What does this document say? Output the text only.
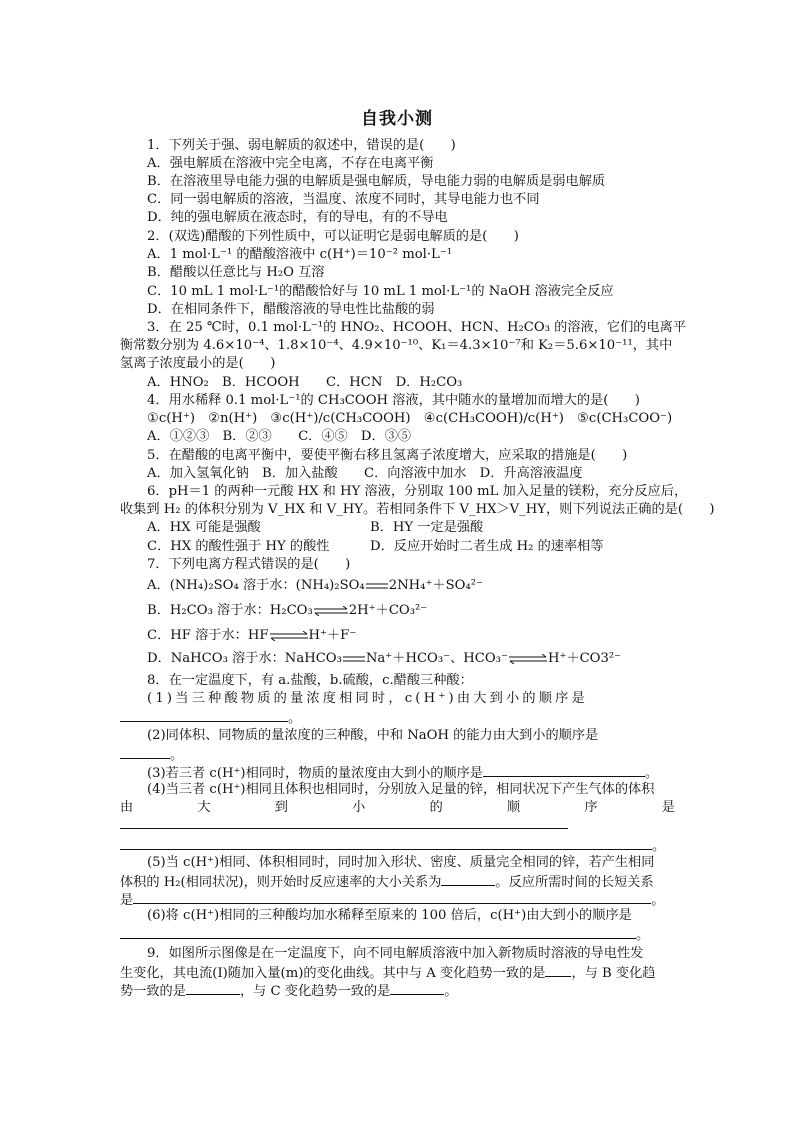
自我小测
1．下列关于强、弱电解质的叙述中，错误的是(　　)
A．强电解质在溶液中完全电离，不存在电离平衡
B．在溶液里导电能力强的电解质是强电解质，导电能力弱的电解质是弱电解质
C．同一弱电解质的溶液，当温度、浓度不同时，其导电能力也不同
D．纯的强电解质在液态时，有的导电，有的不导电
2．(双选)醋酸的下列性质中，可以证明它是弱电解质的是(　　)
A．1 mol·L⁻¹ 的醋酸溶液中 c(H⁺)＝10⁻² mol·L⁻¹
B．醋酸以任意比与 H₂O 互溶
C．10 mL 1 mol·L⁻¹的醋酸恰好与 10 mL 1 mol·L⁻¹的 NaOH 溶液完全反应
D．在相同条件下，醋酸溶液的导电性比盐酸的弱
3．在 25 ℃时，0.1 mol·L⁻¹的 HNO₂、HCOOH、HCN、H₂CO₃ 的溶液，它们的电离平
衡常数分别为 4.6×10⁻⁴、1.8×10⁻⁴、4.9×10⁻¹⁰、K₁＝4.3×10⁻⁷和 K₂＝5.6×10⁻¹¹，其中
氢离子浓度最小的是(　　)
A．HNO₂　B．HCOOH　　C．HCN　D．H₂CO₃
4．用水稀释 0.1 mol·L⁻¹的 CH₃COOH 溶液，其中随水的量增加而增大的是(　　)
①c(H⁺)　②n(H⁺)　③c(H⁺)/c(CH₃COOH)　④c(CH₃COOH)/c(H⁺)　⑤c(CH₃COO⁻)
A．①②③　B．②③　　C．④⑤　D．③⑤
5．在醋酸的电离平衡中，要使平衡右移且氢离子浓度增大，应采取的措施是(　　)
A．加入氢氧化钠　B．加入盐酸　　C．向溶液中加水　D．升高溶液温度
6．pH＝1 的两种一元酸 HX 和 HY 溶液，分别取 100 mL 加入足量的镁粉，充分反应后，
收集到 H₂ 的体积分别为 V_HX 和 V_HY。若相同条件下 V_HX＞V_HY，则下列说法正确的是(　　)
A．HX 可能是强酸	B．HY 一定是强酸
C．HX 的酸性强于 HY 的酸性	D．反应开始时二者生成 H₂ 的速率相等
7．下列电离方程式错误的是(　　)
A．(NH₄)₂SO₄ 溶于水：(NH₄)₂SO₄ 2NH₄⁺＋SO₄²⁻
B．H₂CO₃ 溶于水：H₂CO₃⇌2H⁺＋CO₃²⁻
C．HF 溶于水：HF⇌H⁺＋F⁻
D．NaHCO₃ 溶于水：NaHCO₃ Na⁺＋HCO₃⁻、HCO₃⁻⇌H⁺＋CO3²⁻
8．在一定温度下，有 a.盐酸，b.硫酸，c.醋酸三种酸：
(1)当三种酸物质的量浓度相同时，c(H⁺)由大到小的顺序是
。
(2)同体积、同物质的量浓度的三种酸，中和 NaOH 的能力由大到小的顺序是
。
(3)若三者 c(H⁺)相同时，物质的量浓度由大到小的顺序是	。
(4)当三者 c(H⁺)相同且体积也相同时，分别放入足量的锌，相同状况下产生气体的体积
由	大	到	小	的	顺	序	是
。
(5)当 c(H⁺)相同、体积相同时，同时加入形状、密度、质量完全相同的锌，若产生相同
体积的 H₂(相同状况)，则开始时反应速率的大小关系为	。反应所需时间的长短关系
是	。
(6)将 c(H⁺)相同的三种酸均加水稀释至原来的 100 倍后，c(H⁺)由大到小的顺序是
。
9．如图所示图像是在一定温度下，向不同电解质溶液中加入新物质时溶液的导电性发
生变化，其电流(I)随加入量(m)的变化曲线。其中与 A 变化趋势一致的是 ，与 B 变化趋
势一致的是	，与 C 变化趋势一致的是	。
